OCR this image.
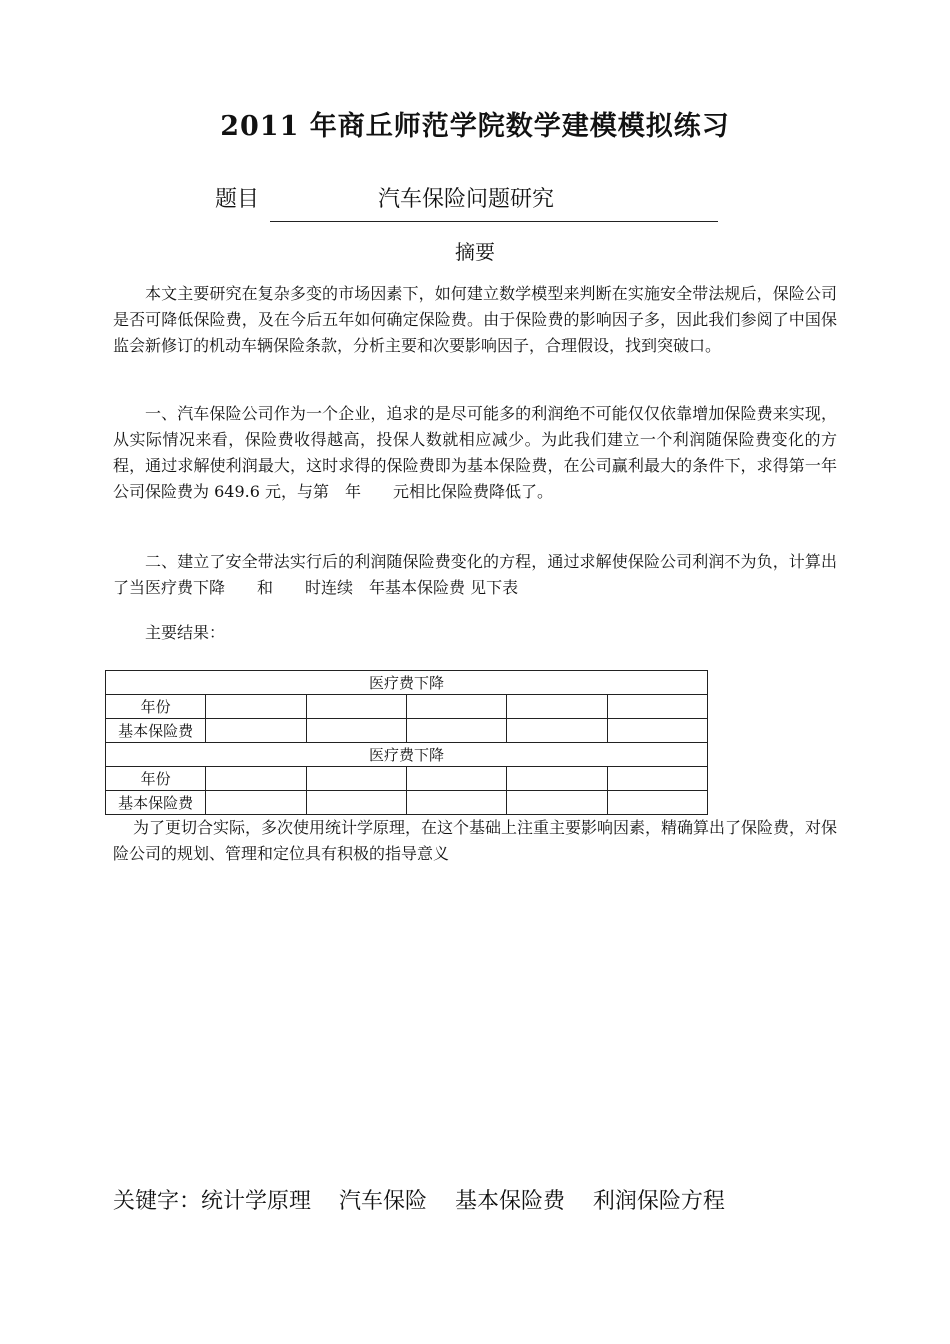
2011 年商丘师范学院数学建模模拟练习
题目	汽车保险问题研究
摘要
本文主要研究在复杂多变的市场因素下，如何建立数学模型来判断在实施安全带法规后，保险公司是否可降低保险费，及在今后五年如何确定保险费。由于保险费的影响因子多，因此我们参阅了中国保监会新修订的机动车辆保险条款，分析主要和次要影响因子，合理假设，找到突破口。
一、汽车保险公司作为一个企业，追求的是尽可能多的利润绝不可能仅仅依靠增加保险费来实现，从实际情况来看，保险费收得越高，投保人数就相应减少。为此我们建立一个利润随保险费变化的方程，通过求解使利润最大，这时求得的保险费即为基本保险费，在公司赢利最大的条件下，求得第一年公司保险费为 649.6 元，与第　年　　元相比保险费降低了。
二、建立了安全带法实行后的利润随保险费变化的方程，通过求解使保险公司利润不为负，计算出了当医疗费下降　　和　　时连续　年基本保险费 见下表
主要结果：
医疗费下降					
年份					
基本保险费					
医疗费下降					
年份					
基本保险费					
为了更切合实际，多次使用统计学原理，在这个基础上注重主要影响因素，精确算出了保险费，对保险公司的规划、管理和定位具有积极的指导意义
关键字：统计学原理    汽车保险    基本保险费    利润保险方程
